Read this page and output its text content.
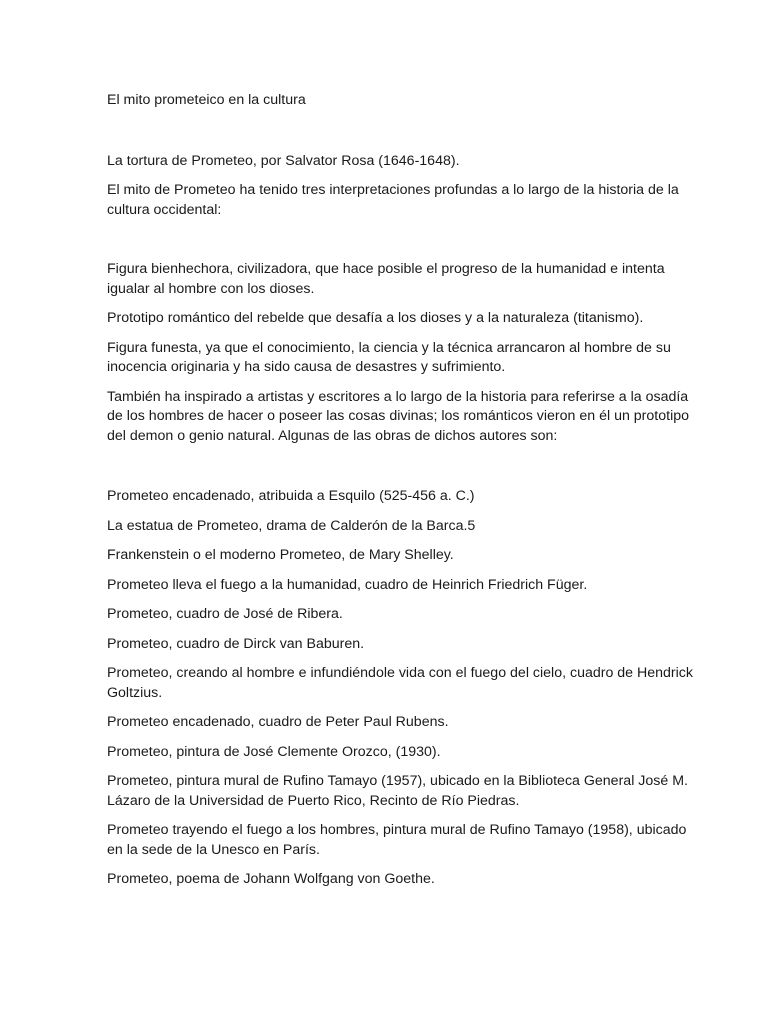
El mito prometeico en la cultura

La tortura de Prometeo, por Salvator Rosa (1646-1648).

El mito de Prometeo ha tenido tres interpretaciones profundas a lo largo de la historia de la cultura occidental:

Figura bienhechora, civilizadora, que hace posible el progreso de la humanidad e intenta igualar al hombre con los dioses.

Prototipo romántico del rebelde que desafía a los dioses y a la naturaleza (titanismo).

Figura funesta, ya que el conocimiento, la ciencia y la técnica arrancaron al hombre de su inocencia originaria y ha sido causa de desastres y sufrimiento.

También ha inspirado a artistas y escritores a lo largo de la historia para referirse a la osadía de los hombres de hacer o poseer las cosas divinas; los románticos vieron en él un prototipo del demon o genio natural. Algunas de las obras de dichos autores son:

Prometeo encadenado, atribuida a Esquilo (525-456 a. C.)

La estatua de Prometeo, drama de Calderón de la Barca.5

Frankenstein o el moderno Prometeo, de Mary Shelley.

Prometeo lleva el fuego a la humanidad, cuadro de Heinrich Friedrich Füger.

Prometeo, cuadro de José de Ribera.

Prometeo, cuadro de Dirck van Baburen.

Prometeo, creando al hombre e infundiéndole vida con el fuego del cielo, cuadro de Hendrick Goltzius.

Prometeo encadenado, cuadro de Peter Paul Rubens.

Prometeo, pintura de José Clemente Orozco, (1930).

Prometeo, pintura mural de Rufino Tamayo (1957), ubicado en la Biblioteca General José M. Lázaro de la Universidad de Puerto Rico, Recinto de Río Piedras.

Prometeo trayendo el fuego a los hombres, pintura mural de Rufino Tamayo (1958), ubicado en la sede de la Unesco en París.

Prometeo, poema de Johann Wolfgang von Goethe.
